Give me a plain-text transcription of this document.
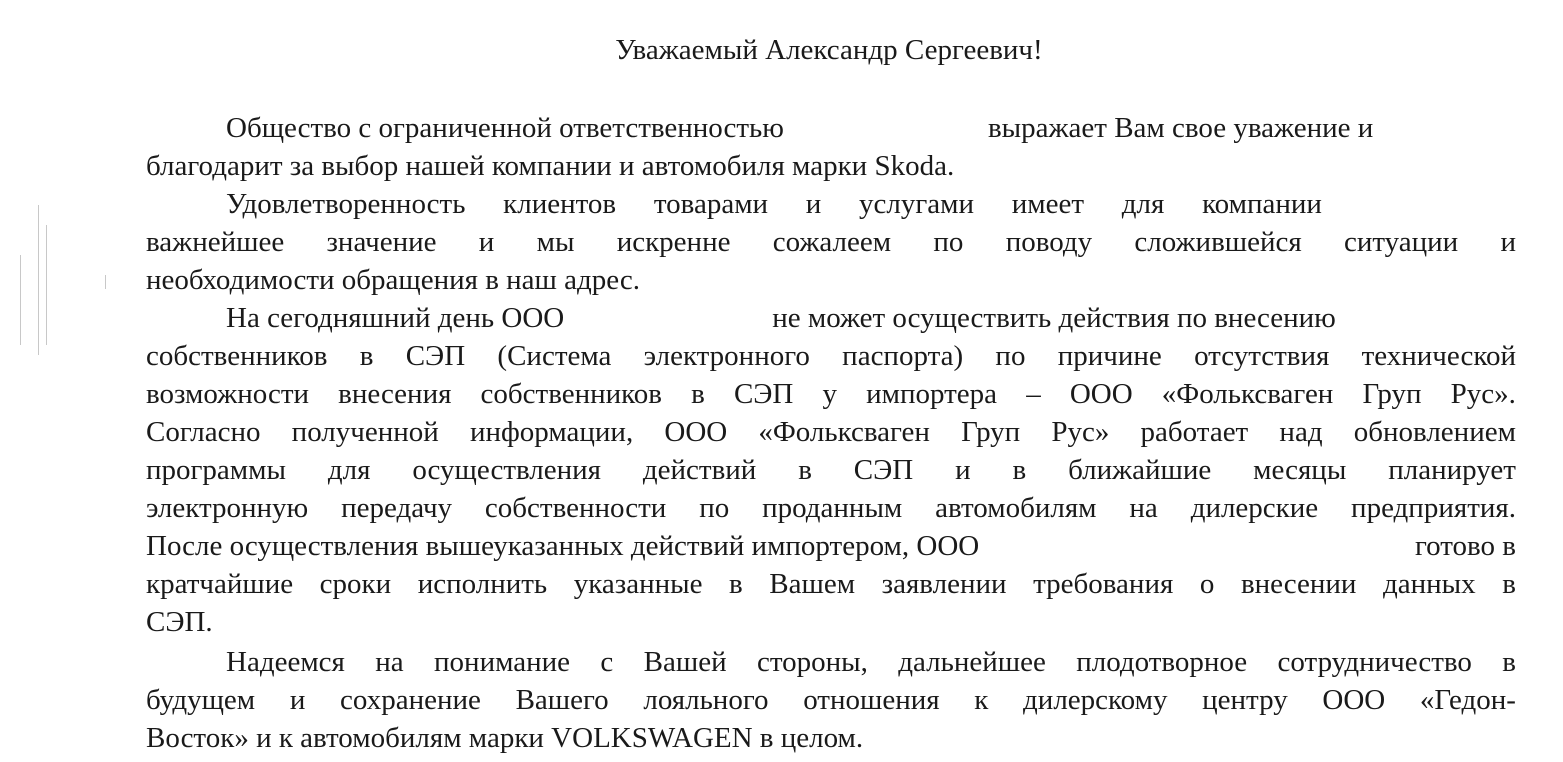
Уважаемый Александр Сергеевич!
Общество с ограниченной ответственностью	выражает Вам свое уважение и
благодарит за выбор нашей компании и автомобиля марки Skoda.
Удовлетворенность клиентов товарами и услугами имеет для компании
важнейшее значение и мы искренне сожалеем по поводу сложившейся ситуации и
необходимости обращения в наш адрес.
На сегодняшний день ООО	не может осуществить действия по внесению
собственников в СЭП (Система электронного паспорта) по причине отсутствия технической
возможности внесения собственников в СЭП у импортера – ООО «Фольксваген Груп Рус».
Согласно полученной информации, ООО «Фольксваген Груп Рус» работает над обновлением
программы для осуществления действий в СЭП и в ближайшие месяцы планирует
электронную передачу собственности по проданным автомобилям на дилерские предприятия.
После осуществления вышеуказанных действий импортером, ООО	готово в
кратчайшие сроки исполнить указанные в Вашем заявлении требования о внесении данных в
СЭП.
Надеемся на понимание с Вашей стороны, дальнейшее плодотворное сотрудничество в
будущем и сохранение Вашего лояльного отношения к дилерскому центру ООО «Гедон-
Восток» и к автомобилям марки VOLKSWAGEN в целом.
